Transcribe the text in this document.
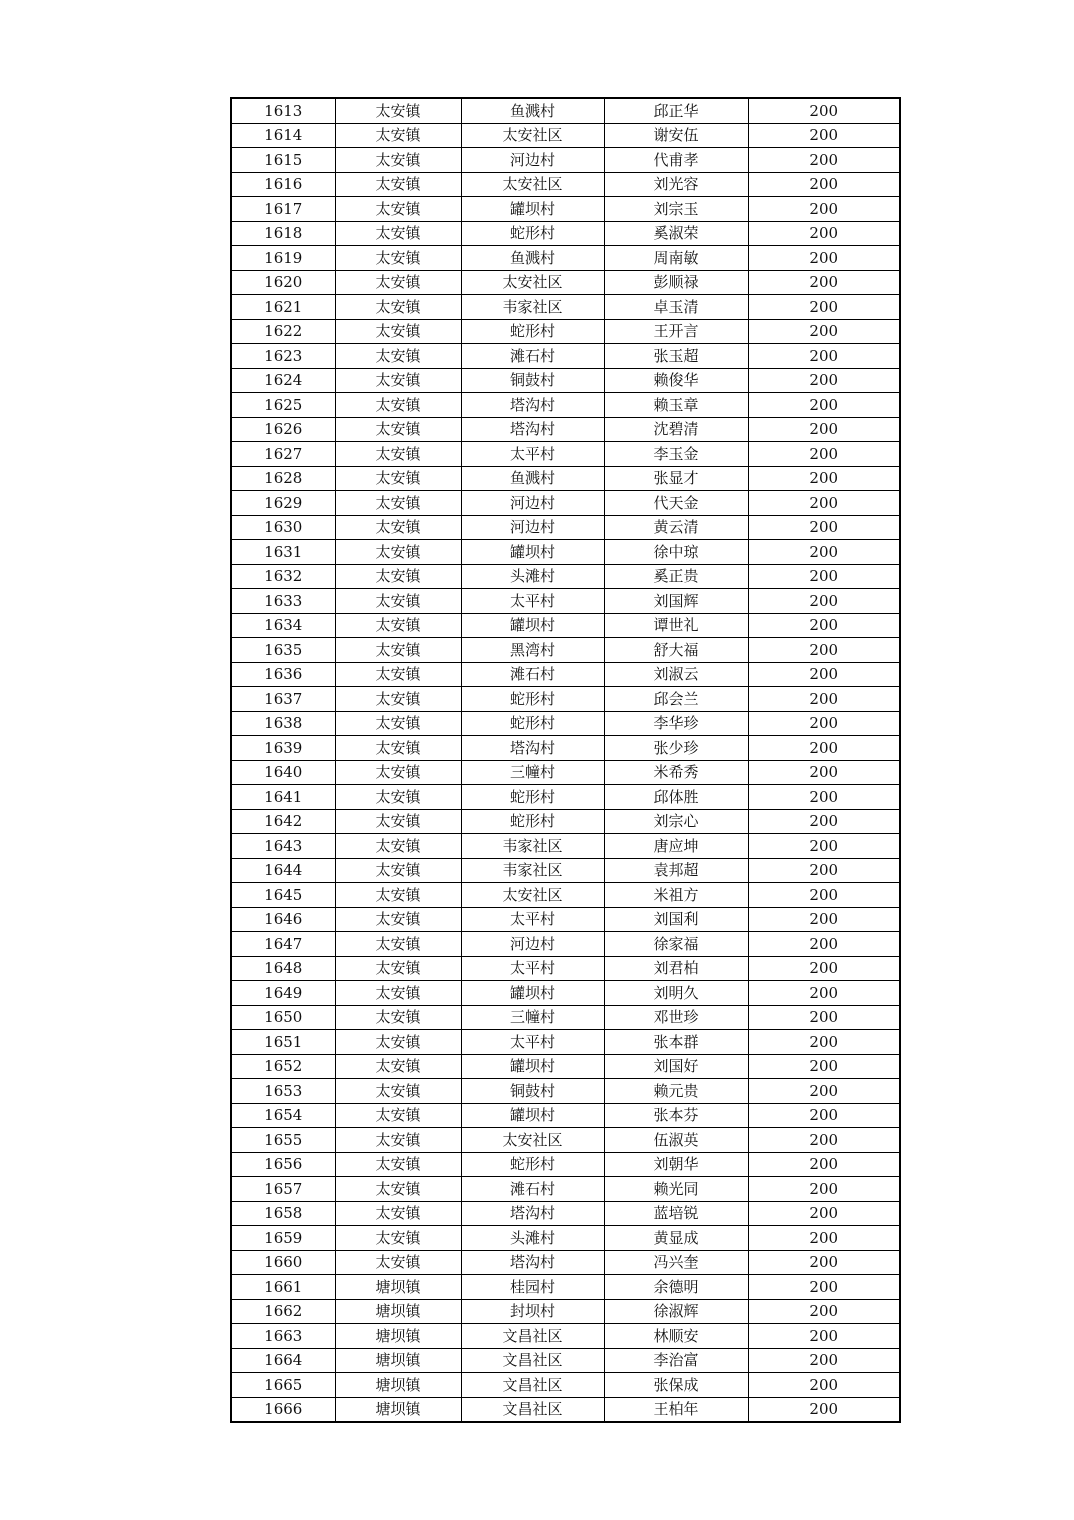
1613	太安镇	鱼溅村	邱正华	200
1614	太安镇	太安社区	谢安伍	200
1615	太安镇	河边村	代甫孝	200
1616	太安镇	太安社区	刘光容	200
1617	太安镇	罐坝村	刘宗玉	200
1618	太安镇	蛇形村	奚淑荣	200
1619	太安镇	鱼溅村	周南敏	200
1620	太安镇	太安社区	彭顺禄	200
1621	太安镇	韦家社区	卓玉清	200
1622	太安镇	蛇形村	王开言	200
1623	太安镇	滩石村	张玉超	200
1624	太安镇	铜鼓村	赖俊华	200
1625	太安镇	塔沟村	赖玉章	200
1626	太安镇	塔沟村	沈碧清	200
1627	太安镇	太平村	李玉金	200
1628	太安镇	鱼溅村	张显才	200
1629	太安镇	河边村	代天金	200
1630	太安镇	河边村	黄云清	200
1631	太安镇	罐坝村	徐中琼	200
1632	太安镇	头滩村	奚正贵	200
1633	太安镇	太平村	刘国辉	200
1634	太安镇	罐坝村	谭世礼	200
1635	太安镇	黑湾村	舒大福	200
1636	太安镇	滩石村	刘淑云	200
1637	太安镇	蛇形村	邱会兰	200
1638	太安镇	蛇形村	李华珍	200
1639	太安镇	塔沟村	张少珍	200
1640	太安镇	三幢村	米希秀	200
1641	太安镇	蛇形村	邱体胜	200
1642	太安镇	蛇形村	刘宗心	200
1643	太安镇	韦家社区	唐应坤	200
1644	太安镇	韦家社区	袁邦超	200
1645	太安镇	太安社区	米祖方	200
1646	太安镇	太平村	刘国利	200
1647	太安镇	河边村	徐家福	200
1648	太安镇	太平村	刘君柏	200
1649	太安镇	罐坝村	刘明久	200
1650	太安镇	三幢村	邓世珍	200
1651	太安镇	太平村	张本群	200
1652	太安镇	罐坝村	刘国好	200
1653	太安镇	铜鼓村	赖元贵	200
1654	太安镇	罐坝村	张本芬	200
1655	太安镇	太安社区	伍淑英	200
1656	太安镇	蛇形村	刘朝华	200
1657	太安镇	滩石村	赖光同	200
1658	太安镇	塔沟村	蓝培锐	200
1659	太安镇	头滩村	黄显成	200
1660	太安镇	塔沟村	冯兴奎	200
1661	塘坝镇	桂园村	余德明	200
1662	塘坝镇	封坝村	徐淑辉	200
1663	塘坝镇	文昌社区	林顺安	200
1664	塘坝镇	文昌社区	李治富	200
1665	塘坝镇	文昌社区	张保成	200
1666	塘坝镇	文昌社区	王柏年	200
